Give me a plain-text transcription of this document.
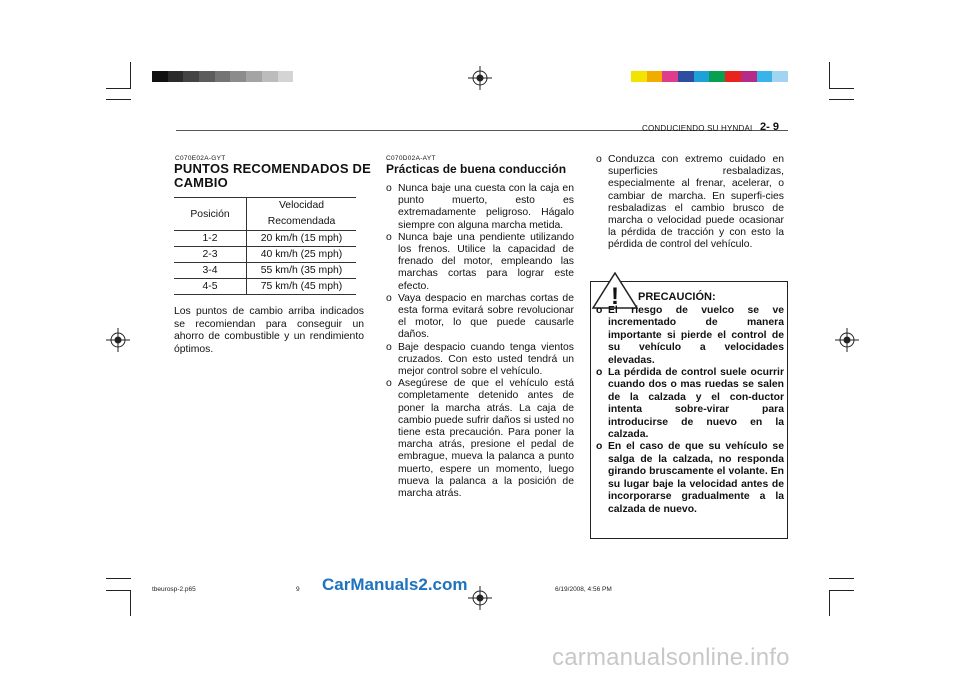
CONDUCIENDO SU HYNDAI 2- 9
C070E02A-GYT
PUNTOS RECOMENDADOS DE
CAMBIO
Posición	Velocidad
Recomendada

1-2	20 km/h (15 mph)
2-3	40 km/h (25 mph)
3-4	55 km/h (35 mph)
4-5	75 km/h (45 mph)
Los puntos de cambio arriba indicados se recomiendan para conseguir un ahorro de combustible y un rendimiento óptimos.
C070D02A-AYT
Prácticas de buena conducción
o Nunca baje una cuesta con la caja en punto muerto, esto es extremadamente peligroso. Hágalo siempre con alguna marcha metida.
o Nunca baje una pendiente utilizando los frenos. Utilice la capacidad de frenado del motor, empleando las marchas cortas para lograr este efecto.
o Vaya despacio en marchas cortas de esta forma evitará sobre revolucionar el motor, lo que puede causarle daños.
o Baje despacio cuando tenga vientos cruzados. Con esto usted tendrá un mejor control sobre el vehículo.
o Asegúrese de que el vehículo está completamente detenido antes de poner la marcha atrás. La caja de cambio puede sufrir daños si usted no tiene esta precaución. Para poner la marcha atrás, presione el pedal de embrague, mueva la palanca a punto muerto, espere un momento, luego mueva la palanca a la posición de marcha atrás.
o Conduzca con extremo cuidado en superficies resbaladizas, especialmente al frenar, acelerar, o cambiar de marcha. En superfi-cies resbaladizas el cambio brusco de marcha o velocidad puede ocasionar la pérdida de tracción y con esto la pérdida de control del vehículo.
! PRECAUCIÓN:
o El riesgo de vuelco se ve incrementado de manera importante si pierde el control de su vehículo a velocidades elevadas.
o La pérdida de control suele ocurrir cuando dos o mas ruedas se salen de la calzada y el con-ductor intenta sobre-virar para introducirse de nuevo en la calzada.
o En el caso de que su vehículo se salga de la calzada, no responda girando bruscamente el volante. En su lugar baje la velocidad antes de incorporarse gradualmente a la calzada de nuevo.
tbeurosp-2.p65	9	6/19/2008, 4:56 PM
CarManuals2.com
carmanualsonline.info
